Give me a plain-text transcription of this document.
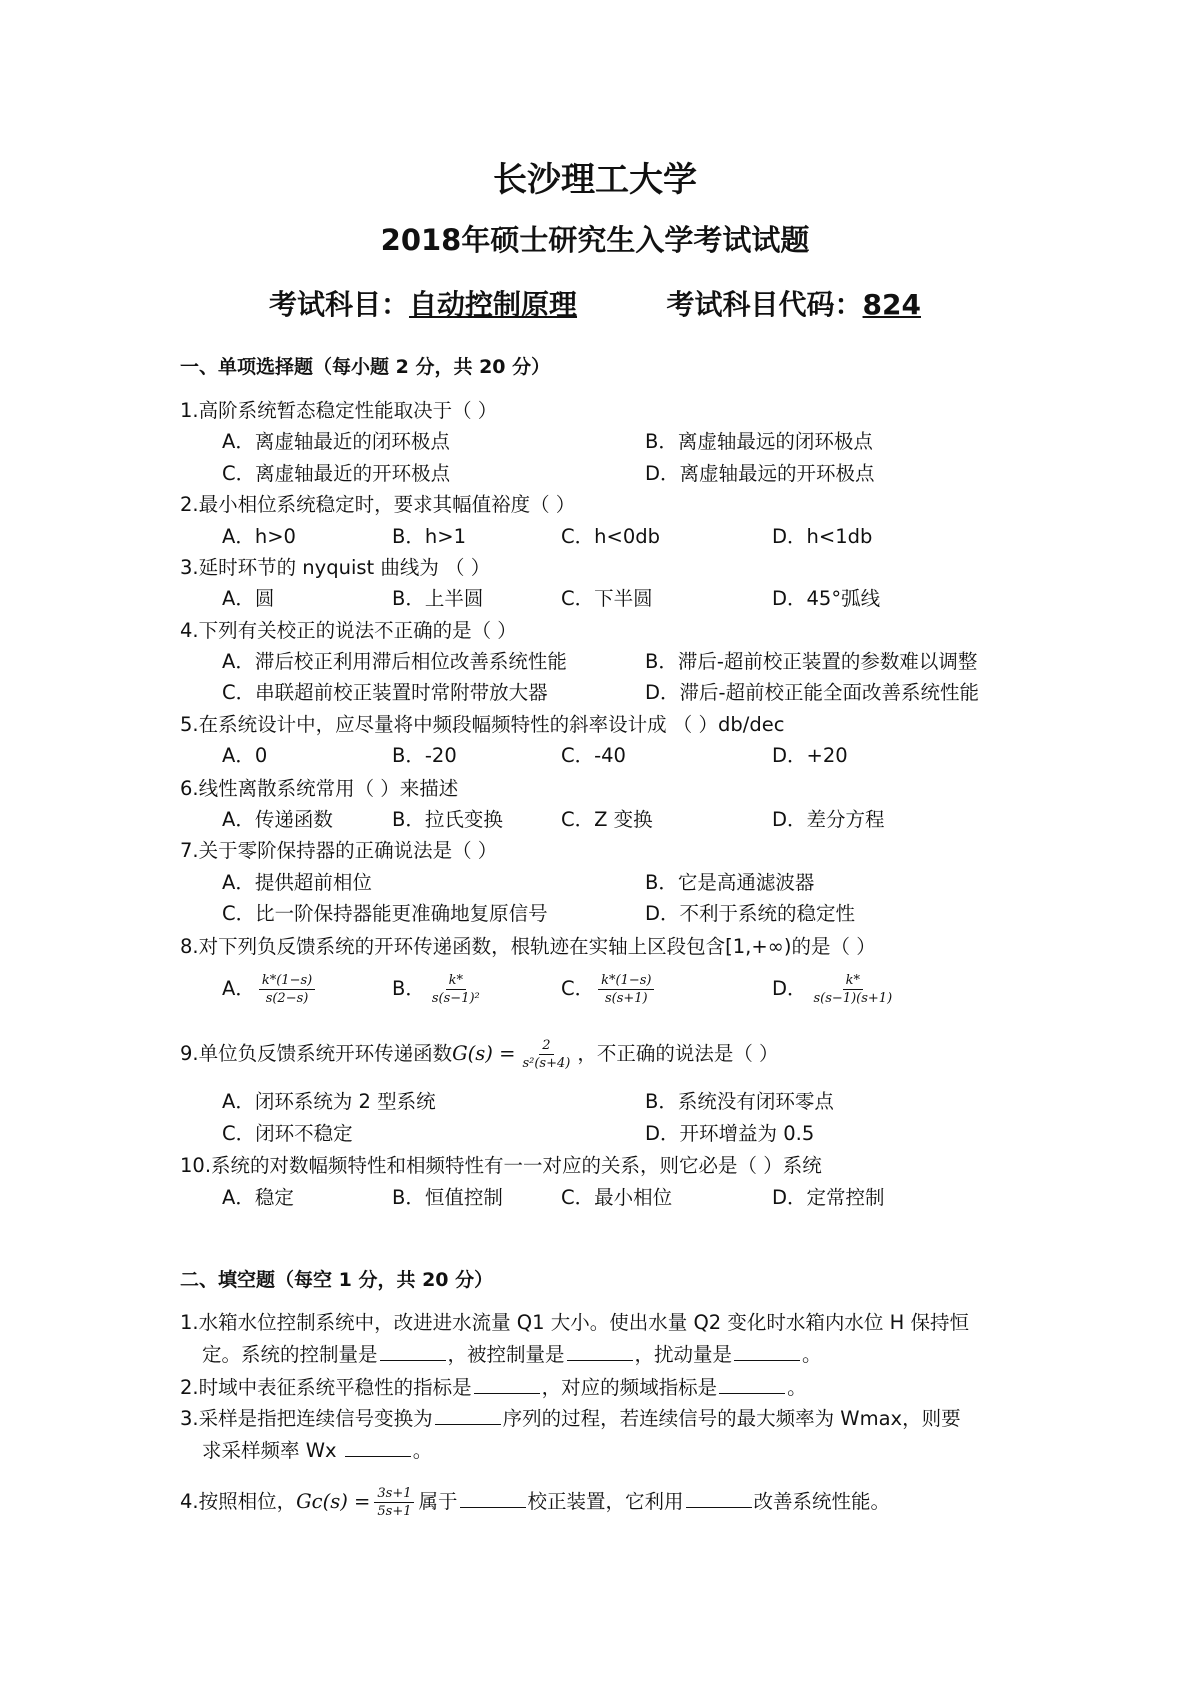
长沙理工大学
2018年硕士研究生入学考试试题
考试科目：自动控制原理	考试科目代码：824
一、单项选择题（每小题 2 分，共 20 分）
二、填空题（每空 1 分，共 20 分）
1.高阶系统暂态稳定性能取决于（ ）
A．离虚轴最近的闭环极点	B．离虚轴最远的闭环极点
C．离虚轴最近的开环极点	D．离虚轴最远的开环极点
2.最小相位系统稳定时，要求其幅值裕度（ ）
A．h>0	B．h>1	C．h<0db	D．h<1db
3.延时环节的 nyquist 曲线为 （ ）
A．圆	B．上半圆	C．下半圆	D．45°弧线
4.下列有关校正的说法不正确的是（ ）
A．滞后校正利用滞后相位改善系统性能	B．滞后-超前校正装置的参数难以调整
C．串联超前校正装置时常附带放大器	D．滞后-超前校正能全面改善系统性能
5.在系统设计中，应尽量将中频段幅频特性的斜率设计成 （ ）db/dec
A．0	B．-20	C．-40	D．+20
6.线性离散系统常用（ ）来描述
A．传递函数	B．拉氏变换	C．Z 变换	D．差分方程
7.关于零阶保持器的正确说法是（ ）
A．提供超前相位	B．它是高通滤波器
C．比一阶保持器能更准确地复原信号	D．不利于系统的稳定性
8.对下列负反馈系统的开环传递函数，根轨迹在实轴上区段包含[1,+∞)的是（ ）
A． $\frac{k*(1-s)}{s(2-s)}$	B． $\frac{k*}{\text{s(s−1)²}}$	C． $\frac{k*(1-s)}{s(s+1)}$	D． $\frac{k*}{s(s-1)(s+1)}$
9.单位负反馈系统开环传递函数$G(s) = \frac{2}{\text{s²(s+4)}}$ ，不正确的说法是（ ）
A．闭环系统为 2 型系统	B．系统没有闭环零点
C．闭环不稳定	D．开环增益为 0.5
10.系统的对数幅频特性和相频特性有一一对应的关系，则它必是（ ）系统
A．稳定	B．恒值控制	C．最小相位	D．定常控制
1.水箱水位控制系统中，改进进水流量 Q1 大小。使出水量 Q2 变化时水箱内水位 H 保持恒
定。系统的控制量是	，被控制量是	，扰动量是	。
2.时域中表征系统平稳性的指标是	，对应的频域指标是	。
3.采样是指把连续信号变换为	序列的过程，若连续信号的最大频率为 Wmax，则要
求采样频率 Wx	。
4.按照相位，$Gc(s) = \frac{3s+1}{5s+1}$ 属于	校正装置，它利用	改善系统性能。
